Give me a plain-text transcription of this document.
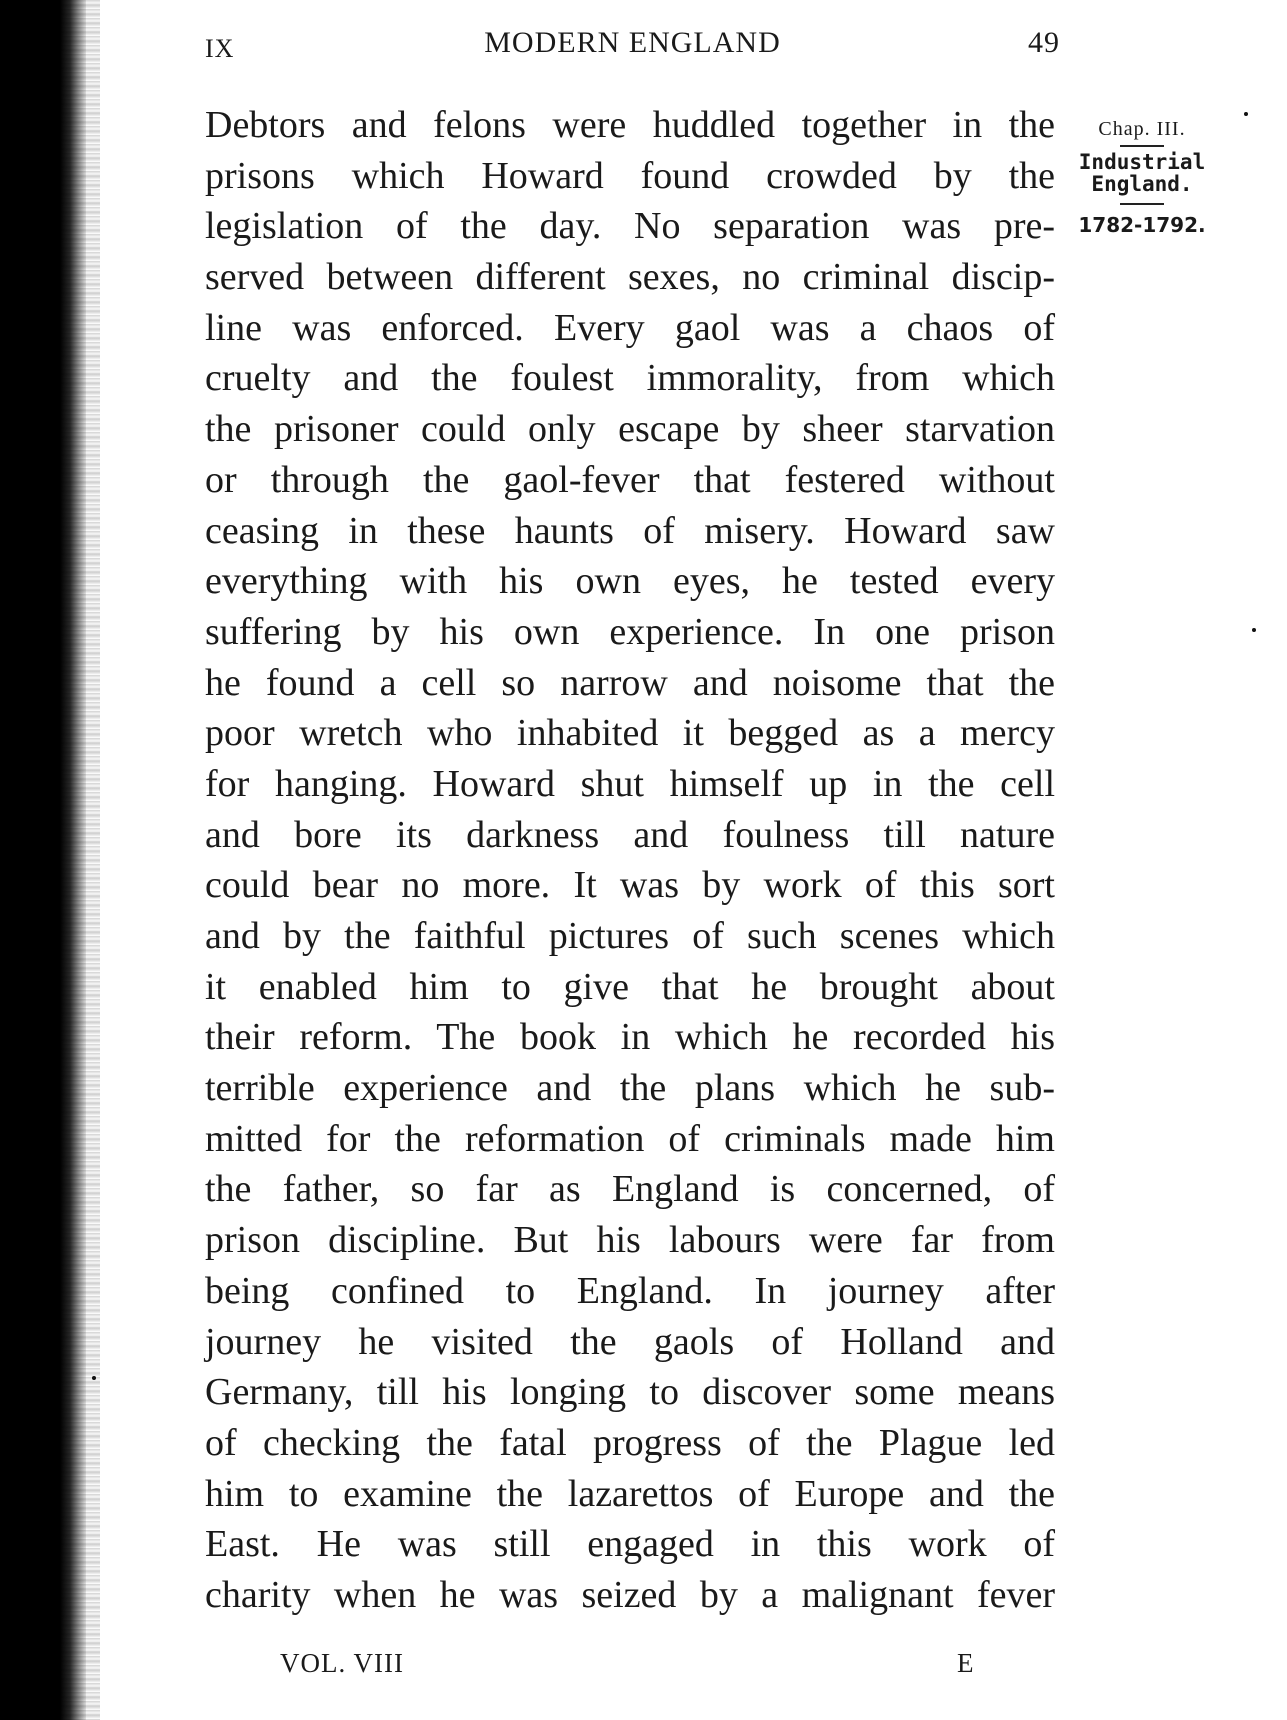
IX	MODERN ENGLAND	49
Chap. III.
Industrial
England.
1782-1792.
Debtors and felons were huddled together in the
prisons which Howard found crowded by the
legislation of the day. No separation was pre-
served between different sexes, no criminal discip-
line was enforced. Every gaol was a chaos of
cruelty and the foulest immorality, from which
the prisoner could only escape by sheer starvation
or through the gaol-fever that festered without
ceasing in these haunts of misery. Howard saw
everything with his own eyes, he tested every
suffering by his own experience. In one prison
he found a cell so narrow and noisome that the
poor wretch who inhabited it begged as a mercy
for hanging. Howard shut himself up in the cell
and bore its darkness and foulness till nature
could bear no more. It was by work of this sort
and by the faithful pictures of such scenes which
it enabled him to give that he brought about
their reform. The book in which he recorded his
terrible experience and the plans which he sub-
mitted for the reformation of criminals made him
the father, so far as England is concerned, of
prison discipline. But his labours were far from
being confined to England. In journey after
journey he visited the gaols of Holland and
Germany, till his longing to discover some means
of checking the fatal progress of the Plague led
him to examine the lazarettos of Europe and the
East. He was still engaged in this work of
charity when he was seized by a malignant fever
VOL. VIII	E
